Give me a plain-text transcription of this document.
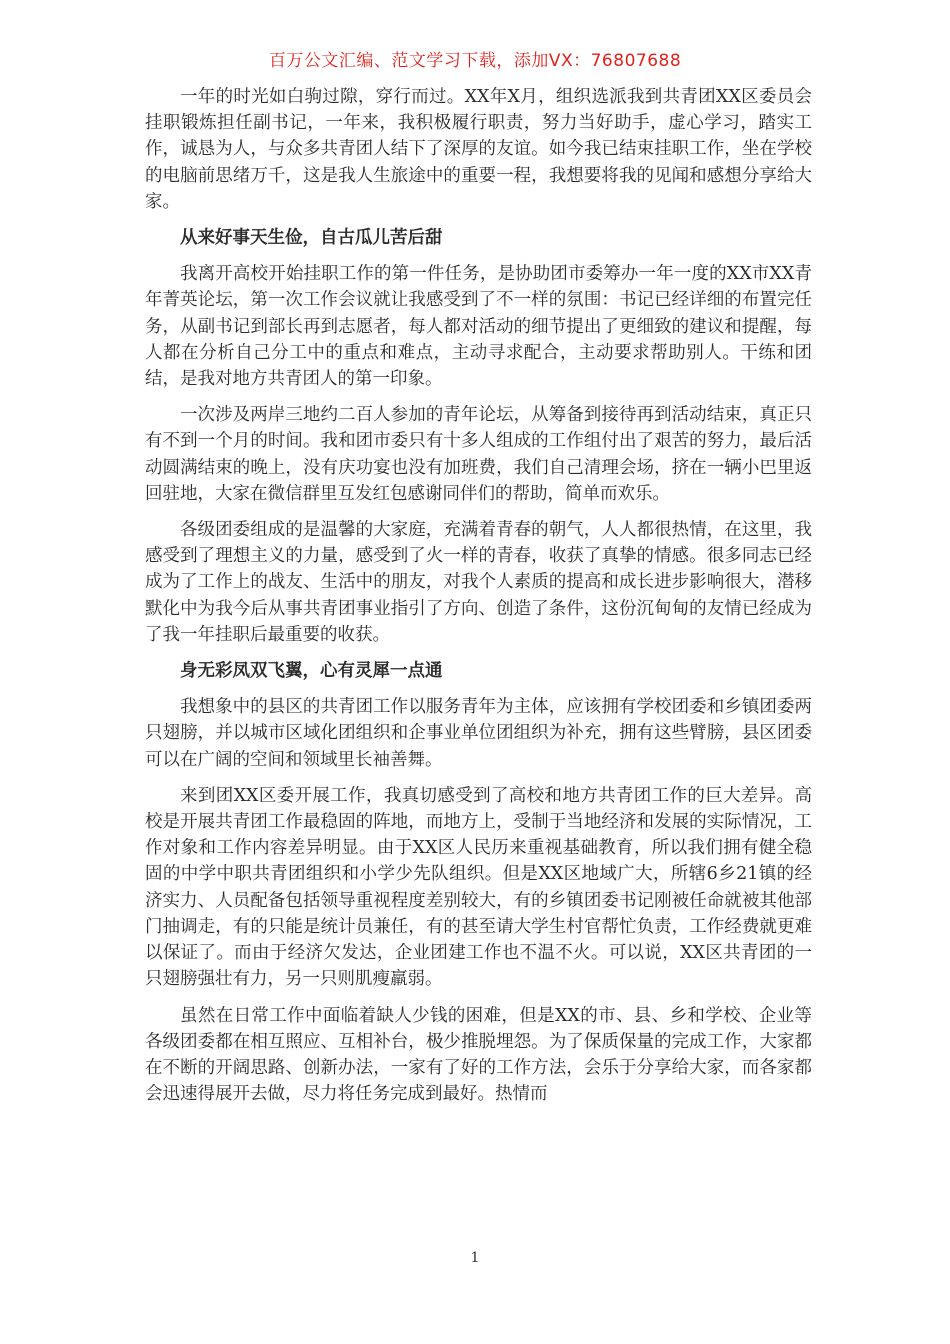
百万公文汇编、范文学习下载，添加VX：76807688

一年的时光如白驹过隙，穿行而过。XX年X月，组织选派我到共青团XX区委员会挂职锻炼担任副书记，一年来，我积极履行职责，努力当好助手，虚心学习，踏实工作，诚恳为人，与众多共青团人结下了深厚的友谊。如今我已结束挂职工作，坐在学校的电脑前思绪万千，这是我人生旅途中的重要一程，我想要将我的见闻和感想分享给大家。

从来好事天生俭，自古瓜儿苦后甜

我离开高校开始挂职工作的第一件任务，是协助团市委筹办一年一度的XX市XX青年菁英论坛，第一次工作会议就让我感受到了不一样的氛围：书记已经详细的布置完任务，从副书记到部长再到志愿者，每人都对活动的细节提出了更细致的建议和提醒，每人都在分析自己分工中的重点和难点，主动寻求配合，主动要求帮助别人。干练和团结，是我对地方共青团人的第一印象。

一次涉及两岸三地约二百人参加的青年论坛，从筹备到接待再到活动结束，真正只有不到一个月的时间。我和团市委只有十多人组成的工作组付出了艰苦的努力，最后活动圆满结束的晚上，没有庆功宴也没有加班费，我们自己清理会场，挤在一辆小巴里返回驻地，大家在微信群里互发红包感谢同伴们的帮助，简单而欢乐。

各级团委组成的是温馨的大家庭，充满着青春的朝气，人人都很热情，在这里，我感受到了理想主义的力量，感受到了火一样的青春，收获了真挚的情感。很多同志已经成为了工作上的战友、生活中的朋友，对我个人素质的提高和成长进步影响很大，潜移默化中为我今后从事共青团事业指引了方向、创造了条件，这份沉甸甸的友情已经成为了我一年挂职后最重要的收获。

身无彩凤双飞翼，心有灵犀一点通

我想象中的县区的共青团工作以服务青年为主体，应该拥有学校团委和乡镇团委两只翅膀，并以城市区域化团组织和企事业单位团组织为补充，拥有这些臂膀，县区团委可以在广阔的空间和领域里长袖善舞。

来到团XX区委开展工作，我真切感受到了高校和地方共青团工作的巨大差异。高校是开展共青团工作最稳固的阵地，而地方上，受制于当地经济和发展的实际情况，工作对象和工作内容差异明显。由于XX区人民历来重视基础教育，所以我们拥有健全稳固的中学中职共青团组织和小学少先队组织。但是XX区地域广大，所辖6乡21镇的经济实力、人员配备包括领导重视程度差别较大，有的乡镇团委书记刚被任命就被其他部门抽调走，有的只能是统计员兼任，有的甚至请大学生村官帮忙负责，工作经费就更难以保证了。而由于经济欠发达，企业团建工作也不温不火。可以说，XX区共青团的一只翅膀强壮有力，另一只则肌瘦羸弱。

虽然在日常工作中面临着缺人少钱的困难，但是XX的市、县、乡和学校、企业等各级团委都在相互照应、互相补台，极少推脱埋怨。为了保质保量的完成工作，大家都在不断的开阔思路、创新办法，一家有了好的工作方法，会乐于分享给大家，而各家都会迅速得展开去做，尽力将任务完成到最好。热情而

1
